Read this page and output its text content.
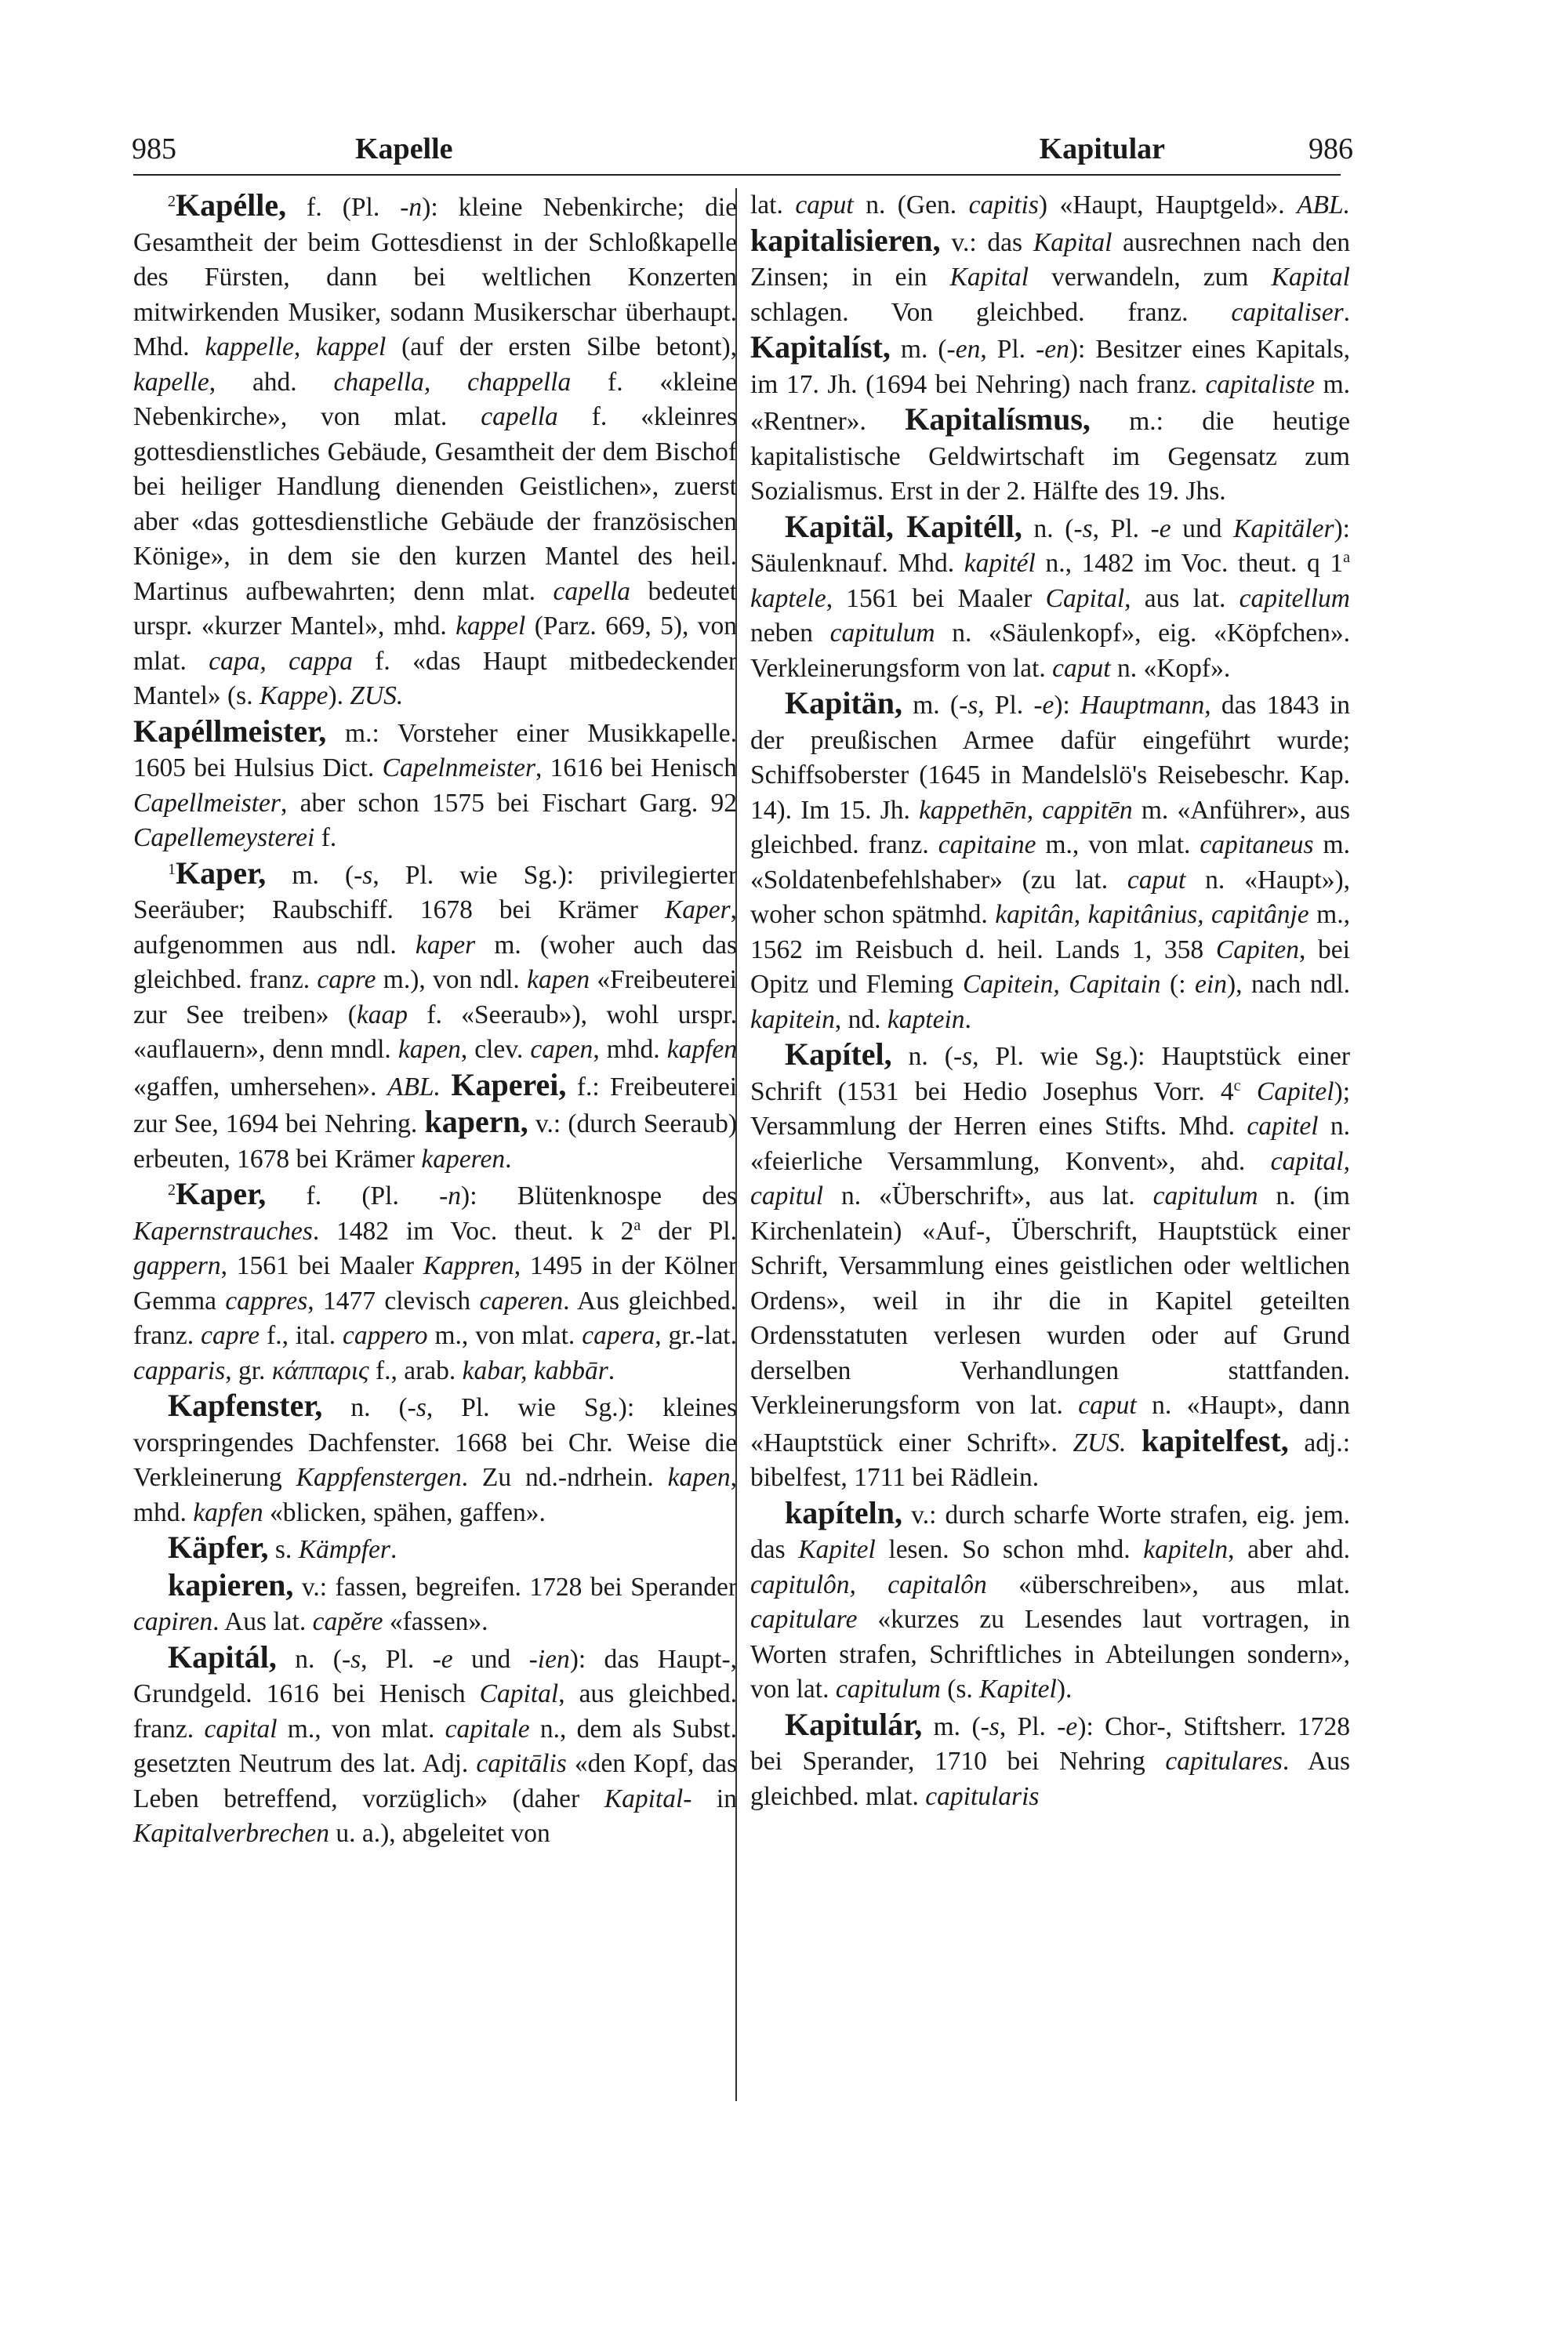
985	Kapelle	Kapitular	986

$^2$Kapélle, f. (Pl. -n): kleine Nebenkirche; die Gesamtheit der beim Gottesdienst in der Schloßkapelle des Fürsten, dann bei weltlichen Konzerten mitwirkenden Musiker, sodann Musikerschar überhaupt. Mhd. kappelle, kappel (auf der ersten Silbe betont), kapelle, ahd. chapella, chappella f. «kleine Nebenkirche», von mlat. capella f. «kleinres gottesdienstliches Gebäude, Gesamtheit der dem Bischof bei heiliger Handlung dienenden Geistlichen», zuerst aber «das gottesdienstliche Gebäude der französischen Könige», in dem sie den kurzen Mantel des heil. Martinus aufbewahrten; denn mlat. capella bedeutet urspr. «kurzer Mantel», mhd. kappel (Parz. 669, 5), von mlat. capa, cappa f. «das Haupt mitbedeckender Mantel» (s. Kappe). ZUS.
Kapéllmeister, m.: Vorsteher einer Musikkapelle. 1605 bei Hulsius Dict. Capelnmeister, 1616 bei Henisch Capellmeister, aber schon 1575 bei Fischart Garg. 92 Capellemeysterei f.

$^1$Kaper, m. (-s, Pl. wie Sg.): privilegierter Seeräuber; Raubschiff. 1678 bei Krämer Kaper, aufgenommen aus ndl. kaper m. (woher auch das gleichbed. franz. capre m.), von ndl. kapen «Freibeuterei zur See treiben» (kaap f. «Seeraub»), wohl urspr. «auflauern», denn mndl. kapen, clev. capen, mhd. kapfen «gaffen, umhersehen». ABL. Kaperei, f.: Freibeuterei zur See, 1694 bei Nehring. kapern, v.: (durch Seeraub) erbeuten, 1678 bei Krämer kaperen.

$^2$Kaper, f. (Pl. -n): Blütenknospe des Kapernstrauches. 1482 im Voc. theut. k 2$^a$ der Pl. gappern, 1561 bei Maaler Kappren, 1495 in der Kölner Gemma cappres, 1477 clevisch caperen. Aus gleichbed. franz. capre f., ital. cappero m., von mlat. capera, gr.-lat. capparis, gr. κάππαρις f., arab. kabar, kabbār.

Kapfenster, n. (-s, Pl. wie Sg.): kleines vorspringendes Dachfenster. 1668 bei Chr. Weise die Verkleinerung Kappfenstergen. Zu nd.-ndrhein. kapen, mhd. kapfen «blicken, spähen, gaffen».

Käpfer, s. Kämpfer.

kapieren, v.: fassen, begreifen. 1728 bei Sperander capiren. Aus lat. capĕre «fassen».

Kapitál, n. (-s, Pl. -e und -ien): das Haupt-, Grundgeld. 1616 bei Henisch Capital, aus gleichbed. franz. capital m., von mlat. capitale n., dem als Subst. gesetzten Neutrum des lat. Adj. capitālis «den Kopf, das Leben betreffend, vorzüglich» (daher Kapital- in Kapitalverbrechen u. a.), abgeleitet von

lat. caput n. (Gen. capitis) «Haupt, Hauptgeld». ABL. kapitalisieren, v.: das Kapital ausrechnen nach den Zinsen; in ein Kapital verwandeln, zum Kapital schlagen. Von gleichbed. franz. capitaliser. Kapitalíst, m. (-en, Pl. -en): Besitzer eines Kapitals, im 17. Jh. (1694 bei Nehring) nach franz. capitaliste m. «Rentner». Kapitalísmus, m.: die heutige kapitalistische Geldwirtschaft im Gegensatz zum Sozialismus. Erst in der 2. Hälfte des 19. Jhs.

Kapitäl, Kapitéll, n. (-s, Pl. -e und Kapitäler): Säulenknauf. Mhd. kapitél n., 1482 im Voc. theut. q 1$^a$ kaptele, 1561 bei Maaler Capital, aus lat. capitellum neben capitulum n. «Säulenkopf», eig. «Köpfchen». Verkleinerungsform von lat. caput n. «Kopf».

Kapitän, m. (-s, Pl. -e): Hauptmann, das 1843 in der preußischen Armee dafür eingeführt wurde; Schiffsoberster (1645 in Mandelslö's Reisebeschr. Kap. 14). Im 15. Jh. kappethēn, cappitēn m. «Anführer», aus gleichbed. franz. capitaine m., von mlat. capitaneus m. «Soldatenbefehlshaber» (zu lat. caput n. «Haupt»), woher schon spätmhd. kapitân, kapitânius, capitânje m., 1562 im Reisbuch d. heil. Lands 1, 358 Capiten, bei Opitz und Fleming Capitein, Capitain (: ein), nach ndl. kapitein, nd. kaptein.

Kapítel, n. (-s, Pl. wie Sg.): Hauptstück einer Schrift (1531 bei Hedio Josephus Vorr. 4$^c$ Capitel); Versammlung der Herren eines Stifts. Mhd. capitel n. «feierliche Versammlung, Konvent», ahd. capital, capitul n. «Überschrift», aus lat. capitulum n. (im Kirchenlatein) «Auf-, Überschrift, Hauptstück einer Schrift, Versammlung eines geistlichen oder weltlichen Ordens», weil in ihr die in Kapitel geteilten Ordensstatuten verlesen wurden oder auf Grund derselben Verhandlungen stattfanden. Verkleinerungsform von lat. caput n. «Haupt», dann «Hauptstück einer Schrift». ZUS. kapitelfest, adj.: bibelfest, 1711 bei Rädlein.

kapíteln, v.: durch scharfe Worte strafen, eig. jem. das Kapitel lesen. So schon mhd. kapiteln, aber ahd. capitulôn, capitalôn «überschreiben», aus mlat. capitulare «kurzes zu Lesendes laut vortragen, in Worten strafen, Schriftliches in Abteilungen sondern», von lat. capitulum (s. Kapitel).

Kapitulár, m. (-s, Pl. -e): Chor-, Stiftsherr. 1728 bei Sperander, 1710 bei Nehring capitulares. Aus gleichbed. mlat. capitularis
